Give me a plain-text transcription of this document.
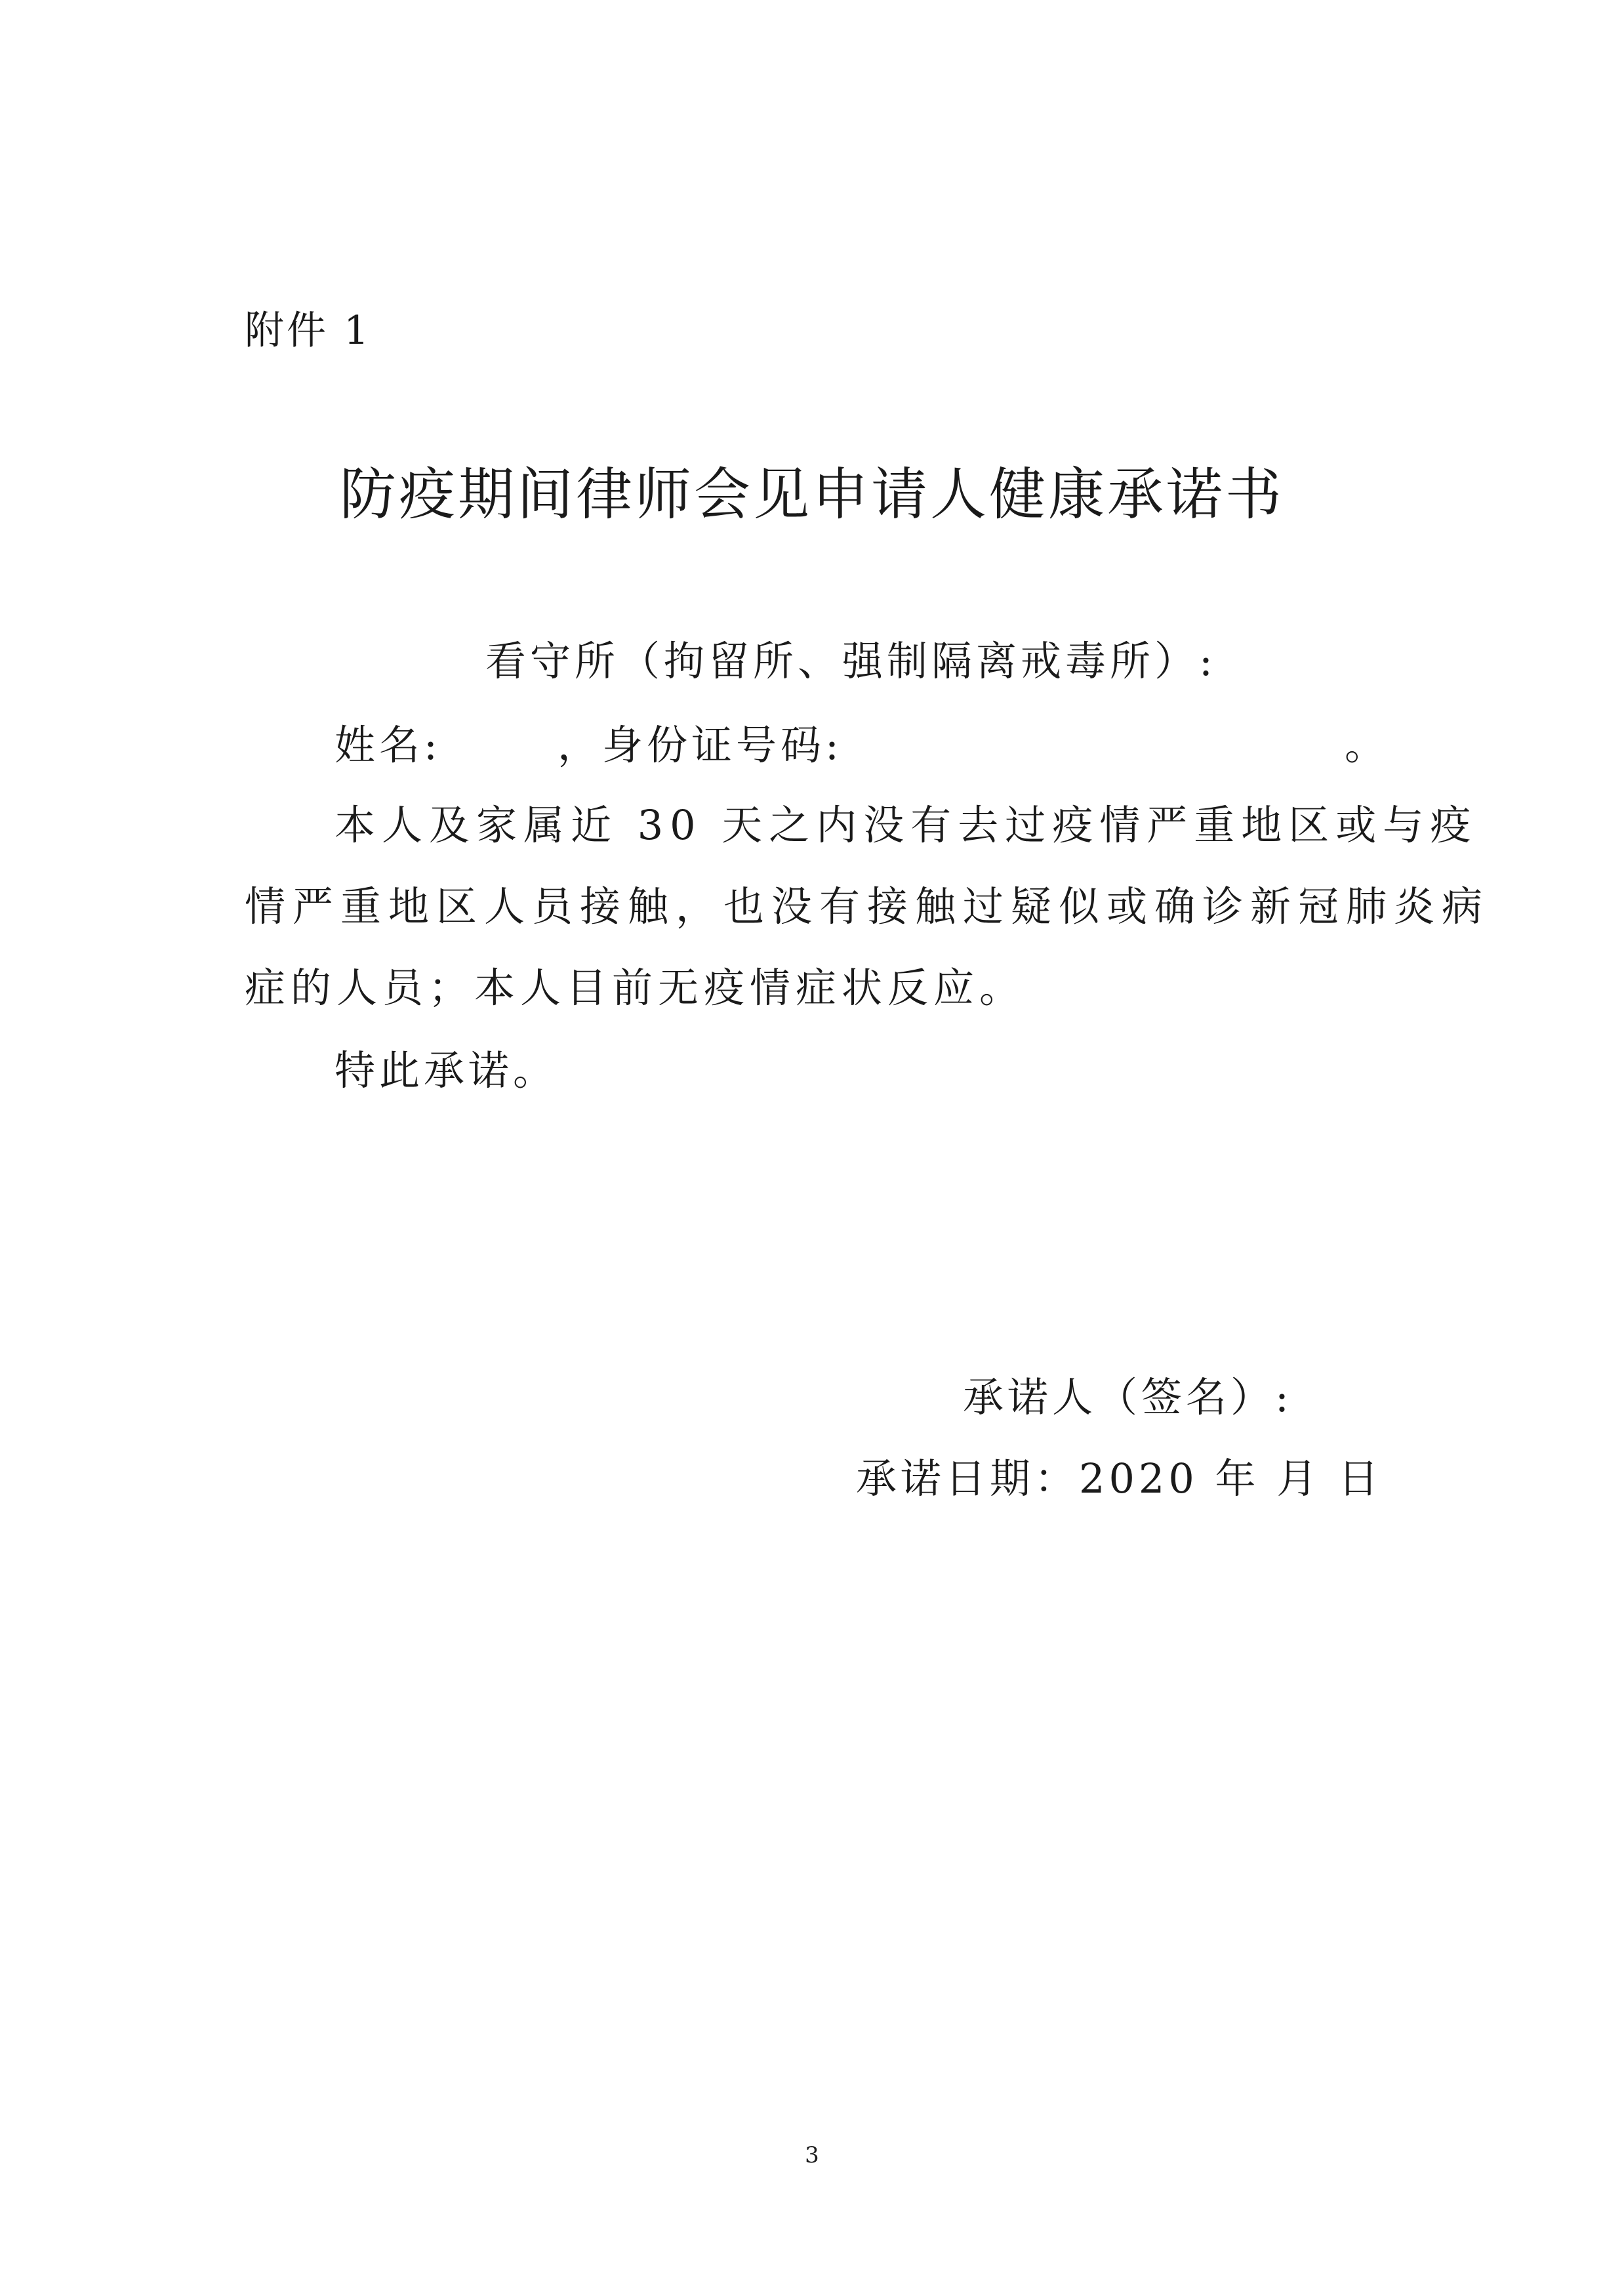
附件 1
防疫期间律师会见申请人健康承诺书
看守所（拘留所、强制隔离戒毒所）:
姓名:	，身份证号码:	。
本人及家属近 30 天之内没有去过疫情严重地区或与疫
情严重地区人员接触，也没有接触过疑似或确诊新冠肺炎病
症的人员；本人目前无疫情症状反应。
特此承诺。
承诺人（签名）:
承诺日期：2020 年 月 日
3
